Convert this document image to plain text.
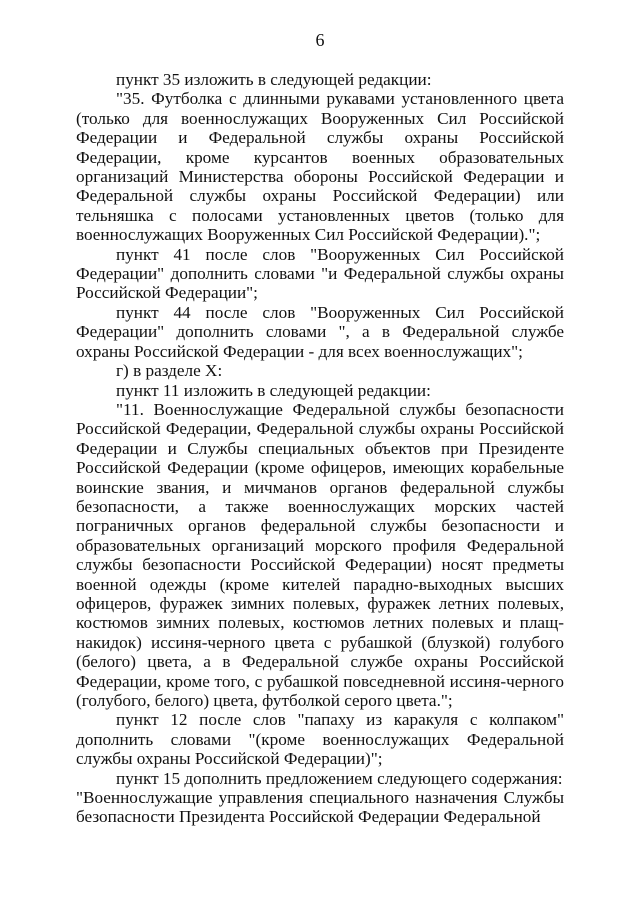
6

пункт 35 изложить в следующей редакции:

"35. Футболка с длинными рукавами установленного цвета (только для военнослужащих Вооруженных Сил Российской Федерации и Федеральной службы охраны Российской Федерации, кроме курсантов военных образовательных организаций Министерства обороны Российской Федерации и Федеральной службы охраны Российской Федерации) или тельняшка с полосами установленных цветов (только для военнослужащих Вооруженных Сил Российской Федерации).";

пункт 41 после слов "Вооруженных Сил Российской Федерации" дополнить словами "и Федеральной службы охраны Российской Федерации";

пункт 44 после слов "Вооруженных Сил Российской Федерации" дополнить словами ", а в Федеральной службе охраны Российской Федерации - для всех военнослужащих";

г) в разделе X:

пункт 11 изложить в следующей редакции:

"11. Военнослужащие Федеральной службы безопасности Российской Федерации, Федеральной службы охраны Российской Федерации и Службы специальных объектов при Президенте Российской Федерации (кроме офицеров, имеющих корабельные воинские звания, и мичманов органов федеральной службы безопасности, а также военнослужащих морских частей пограничных органов федеральной службы безопасности и образовательных организаций морского профиля Федеральной службы безопасности Российской Федерации) носят предметы военной одежды (кроме кителей парадно-выходных высших офицеров, фуражек зимних полевых, фуражек летних полевых, костюмов зимних полевых, костюмов летних полевых и плащ-накидок) иссиня-черного цвета с рубашкой (блузкой) голубого (белого) цвета, а в Федеральной службе охраны Российской Федерации, кроме того, с рубашкой повседневной иссиня-черного (голубого, белого) цвета, футболкой серого цвета.";

пункт 12 после слов "папаху из каракуля с колпаком" дополнить словами "(кроме военнослужащих Федеральной службы охраны Российской Федерации)";

пункт 15 дополнить предложением следующего содержания:

"Военнослужащие управления специального назначения Службы безопасности Президента Российской Федерации Федеральной
